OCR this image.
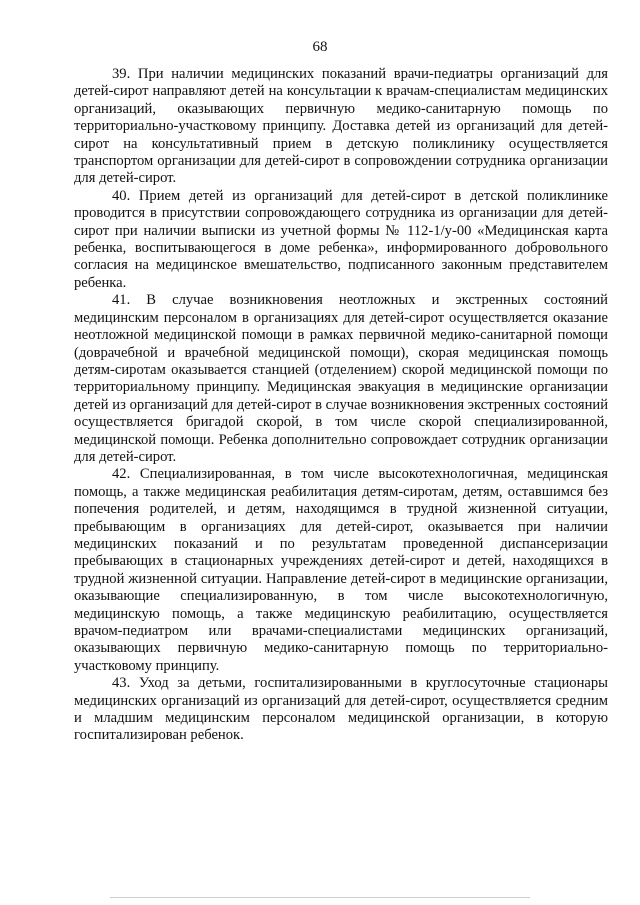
68

39. При наличии медицинских показаний врачи-педиатры организаций для детей-сирот направляют детей на консультации к врачам-специалистам медицинских организаций, оказывающих первичную медико-санитарную помощь по территориально-участковому принципу. Доставка детей из организаций для детей-сирот на консультативный прием в детскую поликлинику осуществляется транспортом организации для детей-сирот в сопровождении сотрудника организации для детей-сирот.

40. Прием детей из организаций для детей-сирот в детской поликлинике проводится в присутствии сопровождающего сотрудника из организации для детей-сирот при наличии выписки из учетной формы № 112-1/у-00 «Медицинская карта ребенка, воспитывающегося в доме ребенка», информированного добровольного согласия на медицинское вмешательство, подписанного законным представителем ребенка.

41. В случае возникновения неотложных и экстренных состояний медицинским персоналом в организациях для детей-сирот осуществляется оказание неотложной медицинской помощи в рамках первичной медико-санитарной помощи (доврачебной и врачебной медицинской помощи), скорая медицинская помощь детям-сиротам оказывается станцией (отделением) скорой медицинской помощи по территориальному принципу. Медицинская эвакуация в медицинские организации детей из организаций для детей-сирот в случае возникновения экстренных состояний осуществляется бригадой скорой, в том числе скорой специализированной, медицинской помощи. Ребенка дополнительно сопровождает сотрудник организации для детей-сирот.

42. Специализированная, в том числе высокотехнологичная, медицинская помощь, а также медицинская реабилитация детям-сиротам, детям, оставшимся без попечения родителей, и детям, находящимся в трудной жизненной ситуации, пребывающим в организациях для детей-сирот, оказывается при наличии медицинских показаний и по результатам проведенной диспансеризации пребывающих в стационарных учреждениях детей-сирот и детей, находящихся в трудной жизненной ситуации. Направление детей-сирот в медицинские организации, оказывающие специализированную, в том числе высокотехнологичную, медицинскую помощь, а также медицинскую реабилитацию, осуществляется врачом-педиатром или врачами-специалистами медицинских организаций, оказывающих первичную медико-санитарную помощь по территориально-участковому принципу.

43. Уход за детьми, госпитализированными в круглосуточные стационары медицинских организаций из организаций для детей-сирот, осуществляется средним и младшим медицинским персоналом медицинской организации, в которую госпитализирован ребенок.
